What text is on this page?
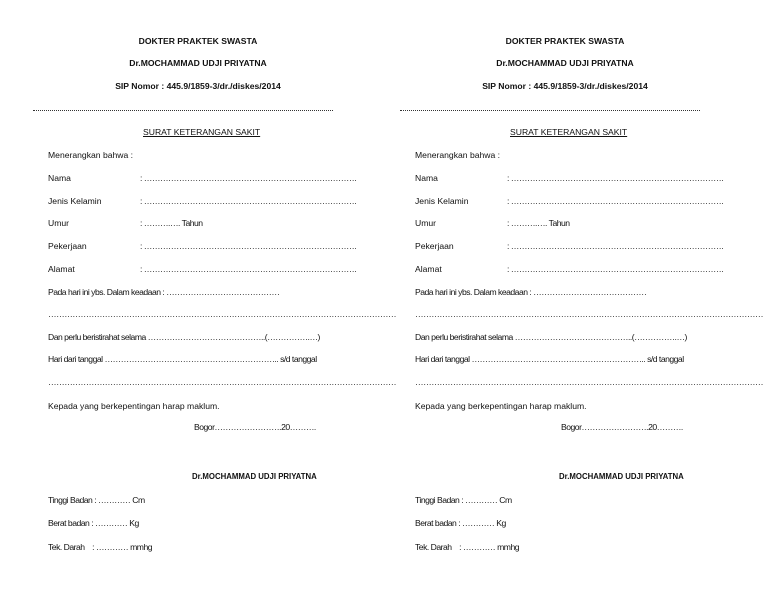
DOKTER PRAKTEK SWASTA
Dr.MOCHAMMAD UDJI PRIYATNA
SIP Nomor : 445.9/1859-3/dr./diskes/2014
SURAT KETERANGAN SAKIT
Menerangkan bahwa :
Nama	: …………………………………………………………………….
Jenis Kelamin	: …………………………………………………………………….
Umur	: ……….…. Tahun
Pekerjaan	: …………………………………………………………………….
Alamat	: …………………………………………………………………….
Pada hari ini ybs. Dalam keadaan : ……………………………………
…………………………………………………………………………………………………………………
Dan perlu beristirahat selama ……………………………………..(…………….…)
Hari dari tanggal ……………………………………………………….. s/d tanggal
…………………………………………………………………………………………………………………
Kepada yang berkepentingan harap maklum.
Bogor…………………….20……….
Dr.MOCHAMMAD UDJI PRIYATNA
Tinggi Badan : ………… Cm
Berat badan : ………… Kg
Tek. Darah    : ………… mmhg
DOKTER PRAKTEK SWASTA
Dr.MOCHAMMAD UDJI PRIYATNA
SIP Nomor : 445.9/1859-3/dr./diskes/2014
SURAT KETERANGAN SAKIT
Menerangkan bahwa :
Nama	: …………………………………………………………………….
Jenis Kelamin	: …………………………………………………………………….
Umur	: ……….…. Tahun
Pekerjaan	: …………………………………………………………………….
Alamat	: …………………………………………………………………….
Pada hari ini ybs. Dalam keadaan : ……………………………………
…………………………………………………………………………………………………………………
Dan perlu beristirahat selama ……………………………………..(…………….…)
Hari dari tanggal ……………………………………………………….. s/d tanggal
…………………………………………………………………………………………………………………
Kepada yang berkepentingan harap maklum.
Bogor…………………….20……….
Dr.MOCHAMMAD UDJI PRIYATNA
Tinggi Badan : ………… Cm
Berat badan : ………… Kg
Tek. Darah    : ………… mmhg
